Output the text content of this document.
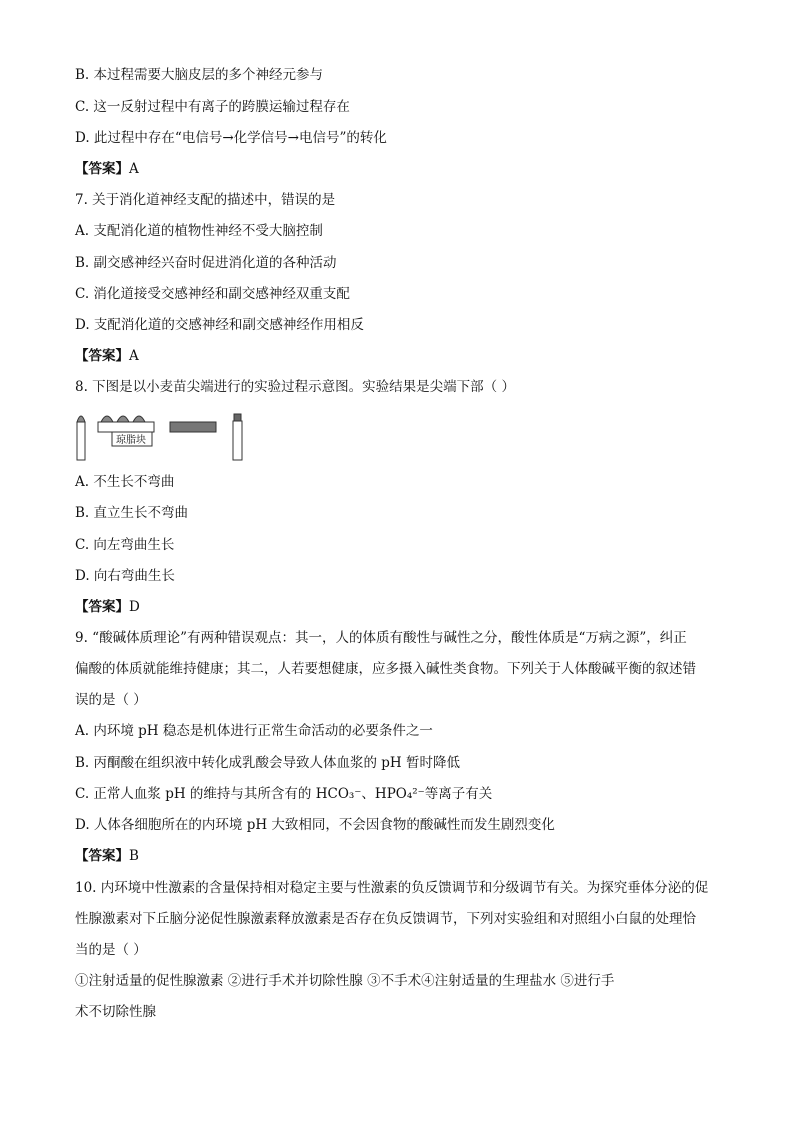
B. 本过程需要大脑皮层的多个神经元参与
C. 这一反射过程中有离子的跨膜运输过程存在
D. 此过程中存在“电信号→化学信号→电信号”的转化
【答案】A
7. 关于消化道神经支配的描述中，错误的是
A. 支配消化道的植物性神经不受大脑控制
B. 副交感神经兴奋时促进消化道的各种活动
C. 消化道接受交感神经和副交感神经双重支配
D. 支配消化道的交感神经和副交感神经作用相反
【答案】A
8. 下图是以小麦苗尖端进行的实验过程示意图。实验结果是尖端下部（ ）
琼脂块
A. 不生长不弯曲
B. 直立生长不弯曲
C. 向左弯曲生长
D. 向右弯曲生长
【答案】D
9. “酸碱体质理论”有两种错误观点：其一，人的体质有酸性与碱性之分，酸性体质是“万病之源”，纠正
偏酸的体质就能维持健康；其二，人若要想健康，应多摄入碱性类食物。下列关于人体酸碱平衡的叙述错
误的是（ ）
A. 内环境 pH 稳态是机体进行正常生命活动的必要条件之一
B. 丙酮酸在组织液中转化成乳酸会导致人体血浆的 pH 暂时降低
C. 正常人血浆 pH 的维持与其所含有的 HCO₃⁻、HPO₄²⁻等离子有关
D. 人体各细胞所在的内环境 pH 大致相同，不会因食物的酸碱性而发生剧烈变化
【答案】B
10. 内环境中性激素的含量保持相对稳定主要与性激素的负反馈调节和分级调节有关。为探究垂体分泌的促
性腺激素对下丘脑分泌促性腺激素释放激素是否存在负反馈调节，下列对实验组和对照组小白鼠的处理恰
当的是（ ）
①注射适量的促性腺激素 ②进行手术并切除性腺 ③不手术④注射适量的生理盐水 ⑤进行手
术不切除性腺
